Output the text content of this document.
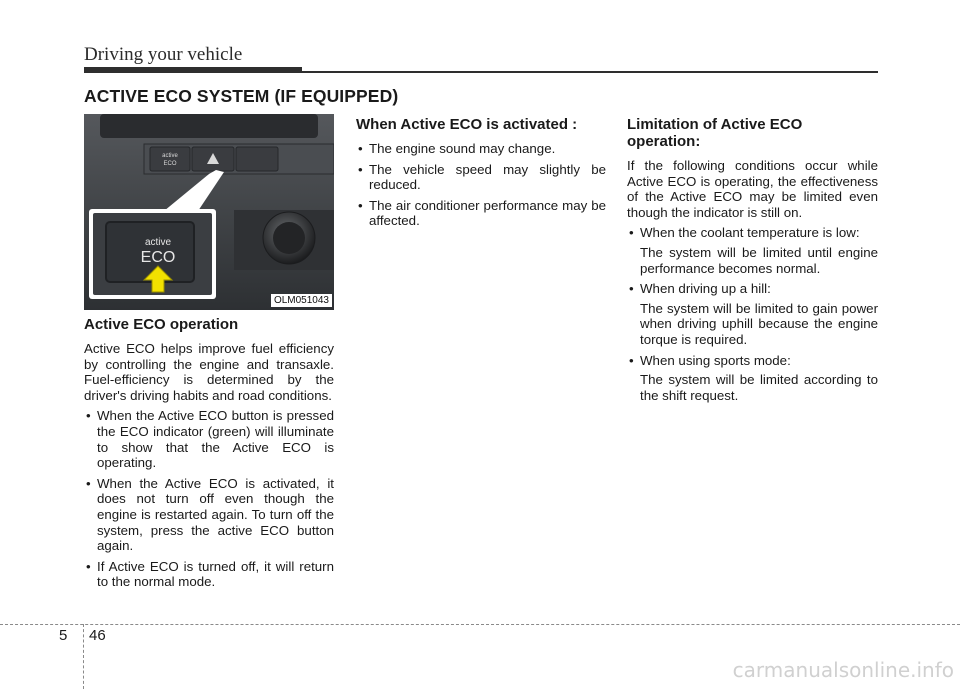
Driving your vehicle
ACTIVE ECO SYSTEM (IF EQUIPPED)
active
ECO
active
ECO
OLM051043
Active ECO operation

Active ECO helps improve fuel efficiency by controlling the engine and transaxle. Fuel-efficiency is determined by the driver's driving habits and road conditions.

• When the Active ECO button is pressed the ECO indicator (green) will illuminate to show that the Active ECO is operating.
• When the Active ECO is activated, it does not turn off even though the engine is restarted again. To turn off the system, press the active ECO button again.
• If Active ECO is turned off, it will return to the normal mode.
When Active ECO is activated :
• The engine sound may change.
• The vehicle speed may slightly be reduced.
• The air conditioner performance may be affected.
Limitation of Active ECO operation:

If the following conditions occur while Active ECO is operating, the effectiveness of the Active ECO may be limited even though the indicator is still on.

• When the coolant temperature is low:
The system will be limited until engine performance becomes normal.
• When driving up a hill:
The system will be limited to gain power when driving uphill because the engine torque is required.
• When using sports mode:
The system will be limited according to the shift request.
5 46
carmanualsonline.info
